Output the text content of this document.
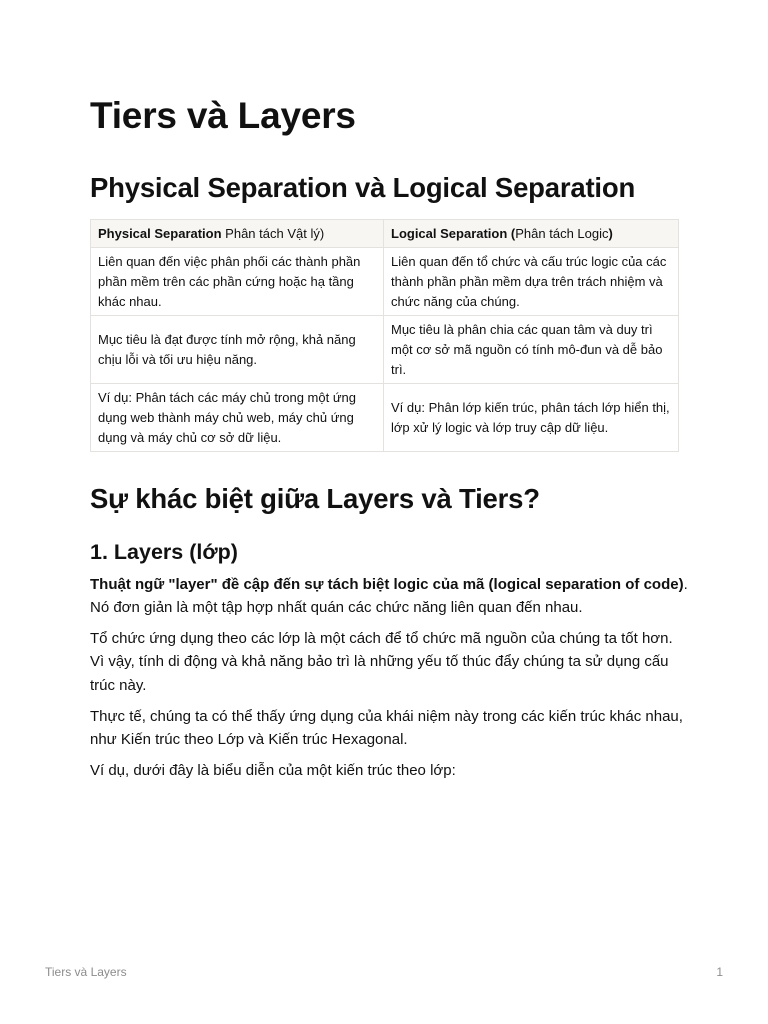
Tiers và Layers
Physical Separation và Logical Separation
Physical Separation Phân tách Vật lý)	Logical Separation (Phân tách Logic)
Liên quan đến việc phân phối các thành phần phần mềm trên các phần cứng hoặc hạ tầng khác nhau.	Liên quan đến tổ chức và cấu trúc logic của các thành phần phần mềm dựa trên trách nhiệm và chức năng của chúng.
Mục tiêu là đạt được tính mở rộng, khả năng chịu lỗi và tối ưu hiệu năng.	Mục tiêu là phân chia các quan tâm và duy trì một cơ sở mã nguồn có tính mô-đun và dễ bảo trì.
Ví dụ: Phân tách các máy chủ trong một ứng dụng web thành máy chủ web, máy chủ ứng dụng và máy chủ cơ sở dữ liệu.	Ví dụ: Phân lớp kiến trúc, phân tách lớp hiển thị, lớp xử lý logic và lớp truy cập dữ liệu.
Sự khác biệt giữa Layers và Tiers?
1. Layers (lớp)

Thuật ngữ "layer" đề cập đến sự tách biệt logic của mã (logical separation of code). Nó đơn giản là một tập hợp nhất quán các chức năng liên quan đến nhau.

Tổ chức ứng dụng theo các lớp là một cách để tổ chức mã nguồn của chúng ta tốt hơn. Vì vậy, tính di động và khả năng bảo trì là những yếu tố thúc đẩy chúng ta sử dụng cấu trúc này.

Thực tế, chúng ta có thể thấy ứng dụng của khái niệm này trong các kiến trúc khác nhau, như Kiến trúc theo Lớp và Kiến trúc Hexagonal.

Ví dụ, dưới đây là biểu diễn của một kiến trúc theo lớp:

Tiers và Layers	1
